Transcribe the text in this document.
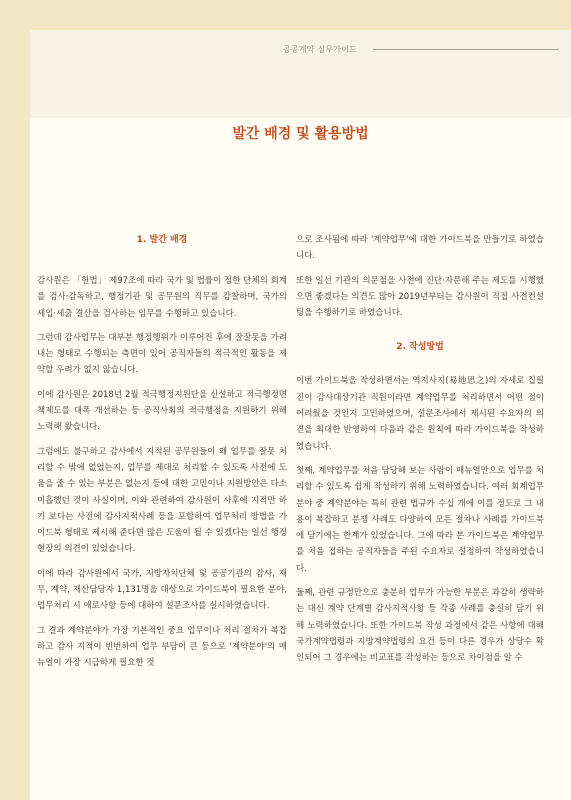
공공계약 실무가이드
발간 배경 및 활용방법
1. 발간 배경

감사원은 「헌법」 제97조에 따라 국가 및 법률이 정한 단체의 회계를 검사·감독하고, 행정기관 및 공무원의 직무를 감찰하며, 국가의 세입·세출 결산을 검사하는 임무를 수행하고 있습니다.

그런데 감사업무는 대부분 행정행위가 이루어진 후에 잘잘못을 가려내는 형태로 수행되는 측면이 있어 공직자들의 적극적인 활동을 제약할 우려가 없지 않습니다.

이에 감사원은 2018년 2월 적극행정지원단을 신설하고 적극행정면책제도를 대폭 개선하는 등 공직사회의 적극행정을 지원하기 위해 노력해 왔습니다.

그럼에도 불구하고 감사에서 지적된 공무원들이 왜 업무를 잘못 처리할 수 밖에 없었는지, 업무를 제대로 처리할 수 있도록 사전에 도움을 줄 수 있는 부분은 없는지 등에 대한 고민이나 지원방안은 다소 미흡했던 것이 사실이며, 이와 관련하여 감사원이 사후에 지적만 하기 보다는 사전에 감사지적사례 등을 포함하여 업무처리 방법을 가이드북 형태로 제시해 준다면 많은 도움이 될 수 있겠다는 일선 행정현장의 의견이 있었습니다.

이에 따라 감사원에서 국가, 지방자치단체 및 공공기관의 감사, 재무, 계약, 재산담당자 1,131명을 대상으로 가이드북이 필요한 분야, 업무처리 시 애로사항 등에 대하여 설문조사를 실시하였습니다.

그 결과 계약분야가 가장 기본적인 중요 업무이나 처리 절차가 복잡하고 감사 지적이 빈번하여 업무 부담이 큰 등으로 '계약분야'의 매뉴얼이 가장 시급하게 필요한 것

으로 조사됨에 따라 '계약업무'에 대한 가이드북을 만들기로 하였습니다.

또한 일선 기관의 의문점을 사전에 진단·자문해 주는 제도를 시행했으면 좋겠다는 의견도 많아 2019년부터는 감사원이 직접 사전컨설팅을 수행하기로 하였습니다.

2. 작성방법

이번 가이드북을 작성하면서는 역지사지(易地思之)의 자세로 집필진이 감사대상기관 직원이라면 계약업무를 처리하면서 어떤 점이 어려웠을 것인지 고민하였으며, 설문조사에서 제시된 수요자의 의견을 최대한 반영하여 다음과 같은 원칙에 따라 가이드북을 작성하였습니다.

첫째, 계약업무를 처음 담당해 보는 사람이 매뉴얼만으로 업무를 처리할 수 있도록 쉽게 작성하기 위해 노력하였습니다. 여러 회계업무 분야 중 계약분야는 특히 관련 법규가 수십 개에 이를 정도로 그 내용이 복잡하고 분쟁 사례도 다양하여 모든 절차나 사례를 가이드북에 담기에는 한계가 있었습니다. 그에 따라 본 가이드북은 계약업무를 처음 접하는 공직자들을 주된 수요자로 설정하여 작성하였습니다.

둘째, 관련 규정만으로 충분히 업무가 가능한 부분은 과감히 생략하는 대신 계약 단계별 감사지적사항 등 각종 사례를 충실히 담기 위해 노력하였습니다. 또한 가이드북 작성 과정에서 같은 사항에 대해 국가계약법령과 지방계약법령의 요건 등이 다른 경우가 상당수 확인되어 그 경우에는 비교표를 작성하는 등으로 차이점을 알 수
